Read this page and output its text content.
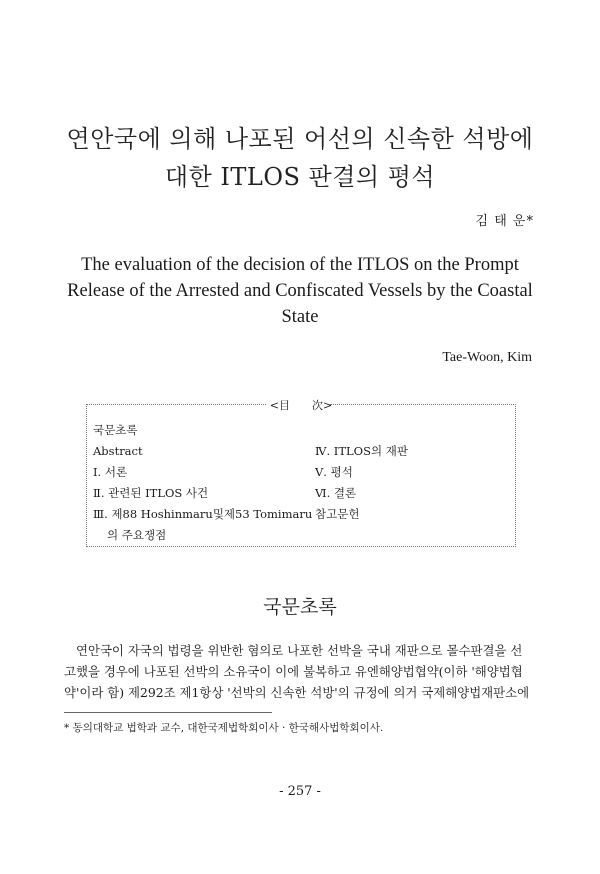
연안국에 의해 나포된 어선의 신속한 석방에
대한 ITLOS 판결의 평석
김 태 운*
The evaluation of the decision of the ITLOS on the Prompt
Release of the Arrested and Confiscated Vessels by the Coastal
State
Tae-Woon, Kim
<目　　次>
국문초록
Abstract
Ⅰ. 서론
Ⅱ. 관련된 ITLOS 사건
Ⅲ. 제88 Hoshinmaru 및 제53 Tomimaru
의 주요쟁점

Ⅳ. ITLOS의 재판
Ⅴ. 평석
Ⅵ. 결론
참고문헌
국문초록
연안국이 자국의 법령을 위반한 혐의로 나포한 선박을 국내 재판으로 몰수판결을 선
고했을 경우에 나포된 선박의 소유국이 이에 불복하고 유엔해양법협약(이하 '해양법협
약'이라 함) 제292조 제1항상 '선박의 신속한 석방'의 규정에 의거 국제해양법재판소에
* 동의대학교 법학과 교수, 대한국제법학회이사 · 한국해사법학회이사.
- 257 -
